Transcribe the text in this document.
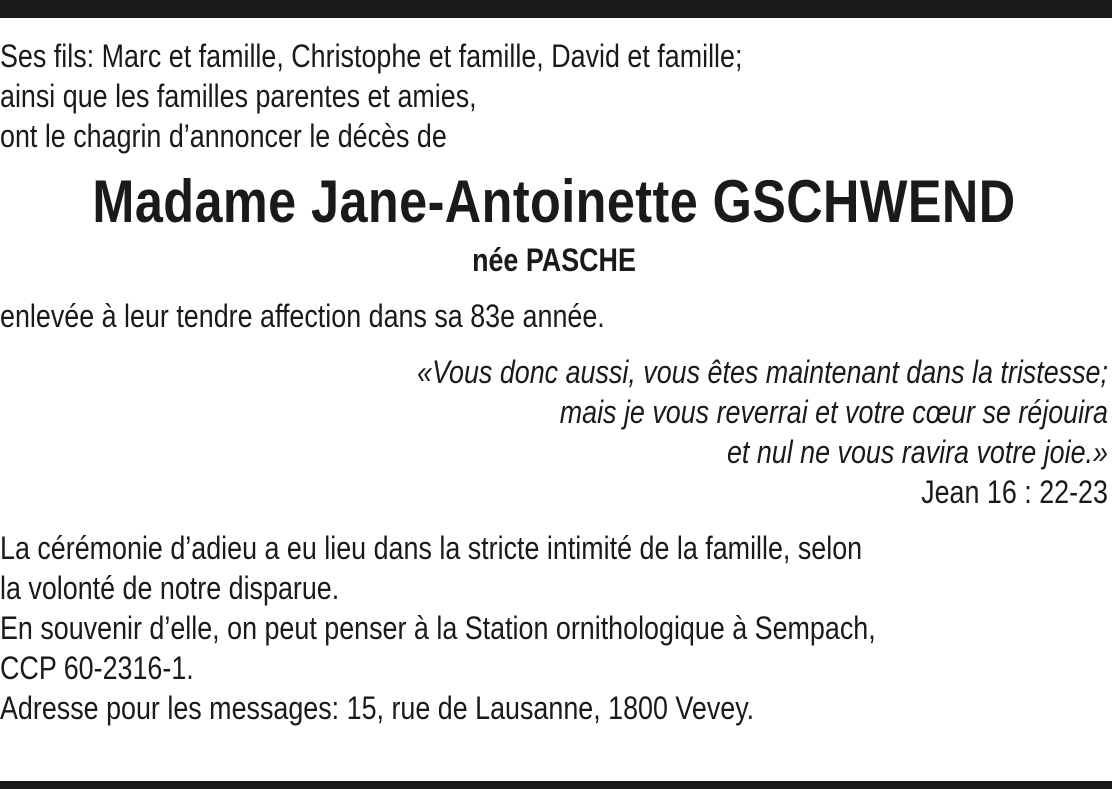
Ses fils: Marc et famille, Christophe et famille, David et famille;
ainsi que les familles parentes et amies,
ont le chagrin d’annoncer le décès de
Madame Jane-Antoinette GSCHWEND
née PASCHE
enlevée à leur tendre affection dans sa 83e année.
«Vous donc aussi, vous êtes maintenant dans la tristesse;
mais je vous reverrai et votre cœur se réjouira
et nul ne vous ravira votre joie.»
Jean 16 : 22-23
La cérémonie d’adieu a eu lieu dans la stricte intimité de la famille, selon
la volonté de notre disparue.
En souvenir d’elle, on peut penser à la Station ornithologique à Sempach,
CCP 60-2316-1.
Adresse pour les messages: 15, rue de Lausanne, 1800 Vevey.
